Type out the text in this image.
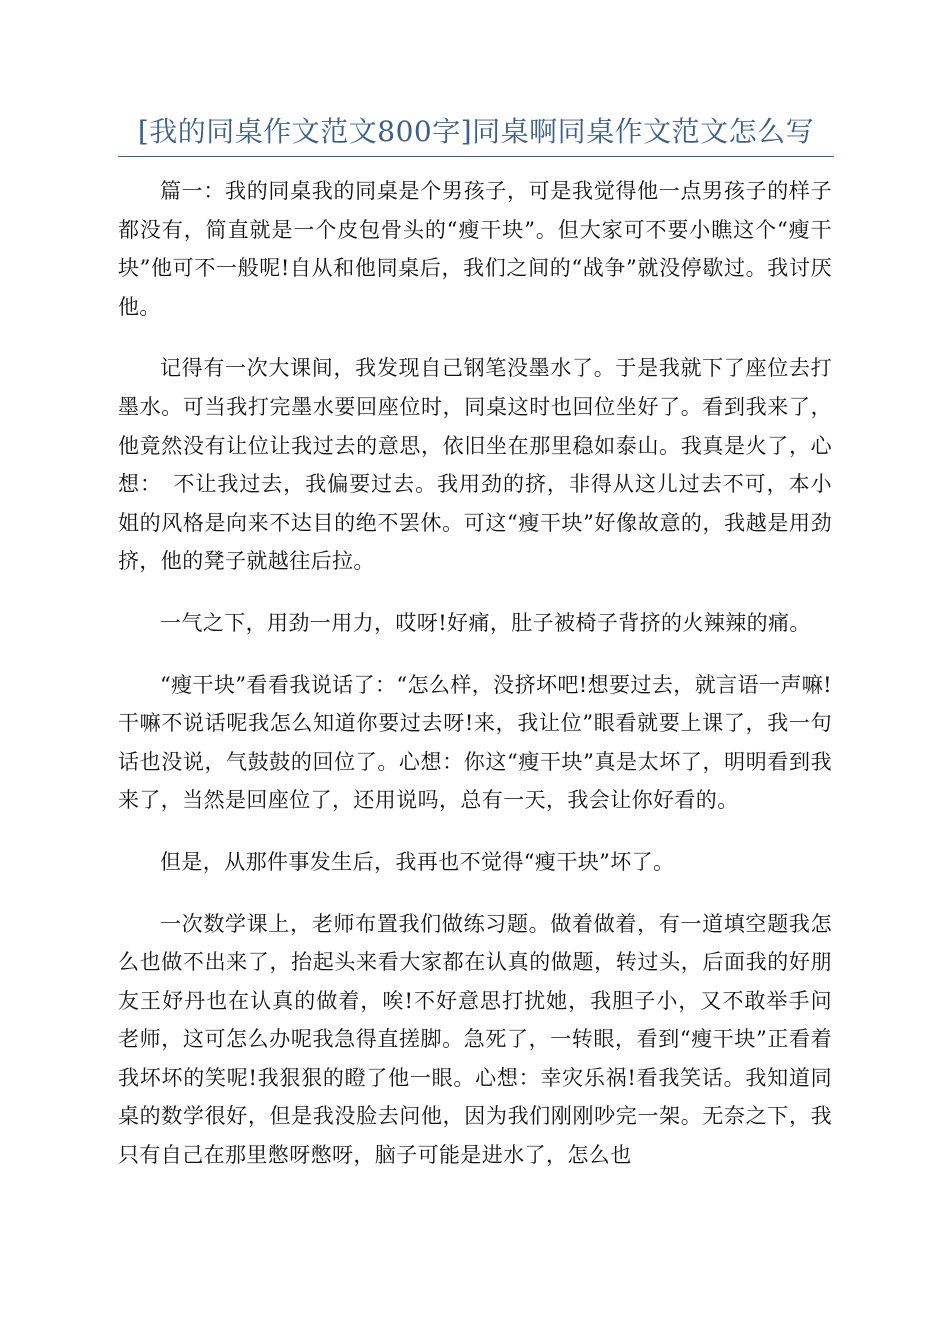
[我的同桌作文范文800字]同桌啊同桌作文范文怎么写

篇一：我的同桌我的同桌是个男孩子，可是我觉得他一点男孩子的样子都没有，简直就是一个皮包骨头的“瘦干块”。但大家可不要小瞧这个“瘦干块”他可不一般呢!自从和他同桌后，我们之间的“战争”就没停歇过。我讨厌他。

记得有一次大课间，我发现自己钢笔没墨水了。于是我就下了座位去打墨水。可当我打完墨水要回座位时，同桌这时也回位坐好了。看到我来了，他竟然没有让位让我过去的意思，依旧坐在那里稳如泰山。我真是火了，心想：　不让我过去，我偏要过去。我用劲的挤，非得从这儿过去不可，本小姐的风格是向来不达目的绝不罢休。可这“瘦干块”好像故意的，我越是用劲挤，他的凳子就越往后拉。

一气之下，用劲一用力，哎呀!好痛，肚子被椅子背挤的火辣辣的痛。

“瘦干块”看看我说话了：“怎么样，没挤坏吧!想要过去，就言语一声嘛!干嘛不说话呢我怎么知道你要过去呀!来，我让位”眼看就要上课了，我一句话也没说，气鼓鼓的回位了。心想：你这“瘦干块”真是太坏了，明明看到我来了，当然是回座位了，还用说吗，总有一天，我会让你好看的。

但是，从那件事发生后，我再也不觉得“瘦干块”坏了。

一次数学课上，老师布置我们做练习题。做着做着，有一道填空题我怎么也做不出来了，抬起头来看大家都在认真的做题，转过头，后面我的好朋友王妤丹也在认真的做着，唉!不好意思打扰她，我胆子小，又不敢举手问老师，这可怎么办呢我急得直搓脚。急死了，一转眼，看到“瘦干块”正看着我坏坏的笑呢!我狠狠的瞪了他一眼。心想：幸灾乐祸!看我笑话。我知道同桌的数学很好，但是我没脸去问他，因为我们刚刚吵完一架。无奈之下，我只有自己在那里憋呀憋呀，脑子可能是进水了，怎么也
